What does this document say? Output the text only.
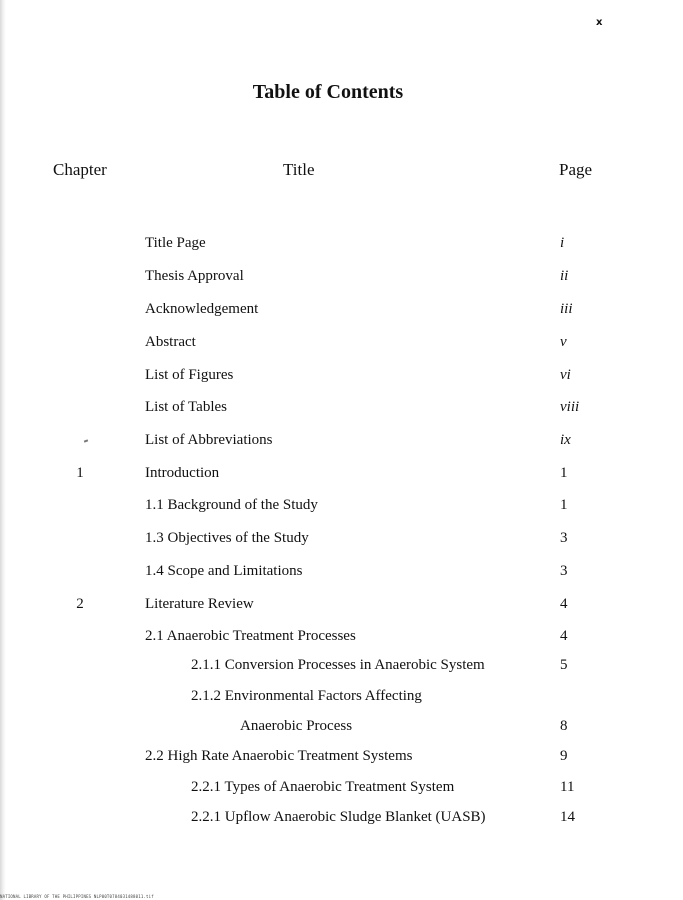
x
Table of Contents
Chapter	Title	Page
Title Page	i
Thesis Approval	ii
Acknowledgement	iii
Abstract	v
List of Figures	vi
List of Tables	viii
List of Abbreviations	ix
1	Introduction	1
1.1 Background of the Study	1
1.3 Objectives of the Study	3
1.4 Scope and Limitations	3
2	Literature Review	4
2.1 Anaerobic Treatment Processes	4
2.1.1 Conversion Processes in Anaerobic System	5
2.1.2 Environmental Factors Affecting
Anaerobic Process	8
2.2 High Rate Anaerobic Treatment Systems	9
2.2.1 Types of Anaerobic Treatment System	11
2.2.1 Upflow Anaerobic Sludge Blanket (UASB)	14
NATIONAL LIBRARY OF THE PHILIPPINES NLP00T0784031488011.tif
